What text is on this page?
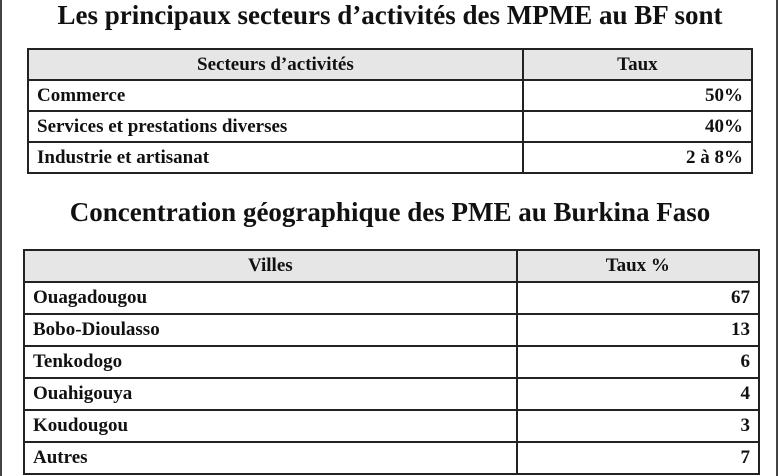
Les principaux secteurs d’activités des MPME au BF sont
Secteurs d’activités	Taux
Commerce	50%
Services et prestations diverses	40%
Industrie et artisanat	2 à 8%
Concentration géographique des PME au Burkina Faso
Villes	Taux %
Ouagadougou	67
Bobo-Dioulasso	13
Tenkodogo	6
Ouahigouya	4
Koudougou	3
Autres	7
